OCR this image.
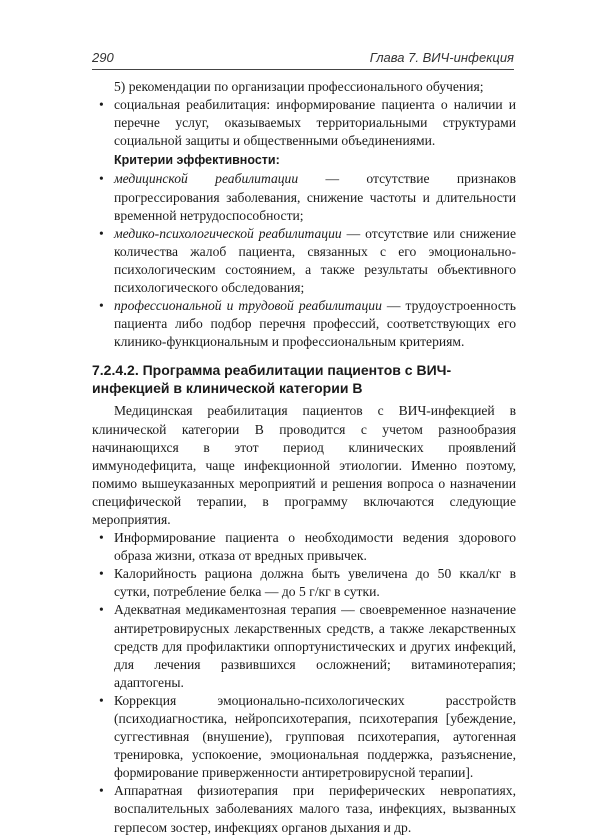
290	Глава 7. ВИЧ-инфекция

5) рекомендации по организации профессионального обучения;

• социальная реабилитация: информирование пациента о наличии и перечне услуг, оказываемых территориальными структурами социальной защиты и общественными объединениями.

Критерии эффективности:

• медицинской реабилитации — отсутствие признаков прогрессирования заболевания, снижение частоты и длительности временной нетрудоспособности;

• медико-психологической реабилитации — отсутствие или снижение количества жалоб пациента, связанных с его эмоционально-психологическим состоянием, а также результаты объективного психологического обследования;

• профессиональной и трудовой реабилитации — трудоустроенность пациента либо подбор перечня профессий, соответствующих его клинико-функциональным и профессиональным критериям.

7.2.4.2. Программа реабилитации пациентов с ВИЧ-инфекцией в клинической категории В

Медицинская реабилитация пациентов с ВИЧ-инфекцией в клинической категории В проводится с учетом разнообразия начинающихся в этот период клинических проявлений иммунодефицита, чаще инфекционной этиологии. Именно поэтому, помимо вышеуказанных мероприятий и решения вопроса о назначении специфической терапии, в программу включаются следующие мероприятия.

• Информирование пациента о необходимости ведения здорового образа жизни, отказа от вредных привычек.

• Калорийность рациона должна быть увеличена до 50 ккал/кг в сутки, потребление белка — до 5 г/кг в сутки.

• Адекватная медикаментозная терапия — своевременное назначение антиретровирусных лекарственных средств, а также лекарственных средств для профилактики оппортунистических и других инфекций, для лечения развившихся осложнений; витаминотерапия; адаптогены.

• Коррекция эмоционально-психологических расстройств (психодиагностика, нейропсихотерапия, психотерапия [убеждение, суггестивная (внушение), групповая психотерапия, аутогенная тренировка, успокоение, эмоциональная поддержка, разъяснение, формирование приверженности антиретровирусной терапии].

• Аппаратная физиотерапия при периферических невропатиях, воспалительных заболеваниях малого таза, инфекциях, вызванных герпесом зостер, инфекциях органов дыхания и др.
